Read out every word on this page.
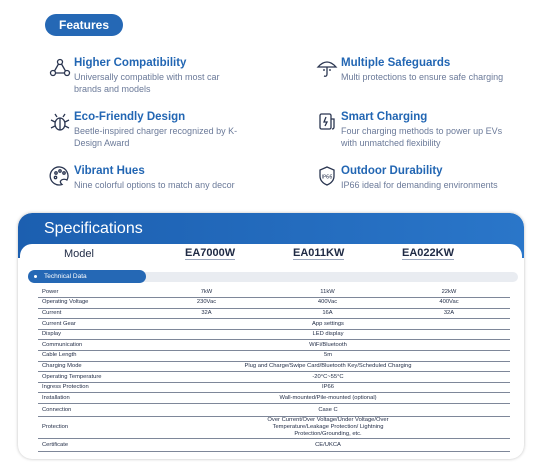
Features
Higher Compatibility
Universally compatible with most car brands and models
Multiple Safeguards
Multi protections to ensure safe charging
Eco-Friendly Design
Beetle-inspired charger recognized by K-Design Award
Smart Charging
Four charging methods to power up EVs with unmatched flexibility
Vibrant Hues
Nine colorful options to match any decor
IP66
Outdoor Durability
IP66 ideal for demanding environments
Specifications
Model	EA7000W	EA011KW	EA022KW
Technical Data
Power	7kW	11kW	22kW
Operating Voltage	230Vac	400Vac	400Vac
Current	32A	16A	32A
Current Gear	App settings		
Display	LED display		
Communication	WiFi/Bluetooth		
Cable Length	5m		
Charging Mode	Plug and Charge/Swipe Card/Bluetooth Key/Scheduled Charging		
Operating Temperature	-20°C~55°C		
Ingress Protection	IP66		
Installation	Wall-mounted/Pile-mounted (optional)		
Connection	Case C		
Protection	Over Current/Over Voltage/Under Voltage/Over Temperature/Leakage Protection/ Lightning Protection/Grounding, etc.		
Certificate	CE/UKCA		
